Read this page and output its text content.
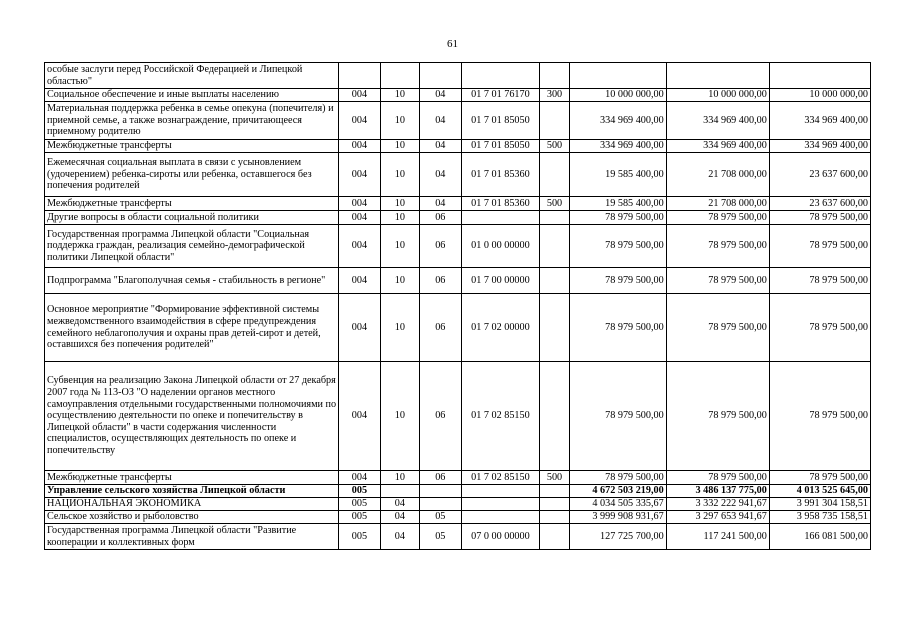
61
особые заслуги перед Российской Федерацией и Липецкой областью"								
Социальное обеспечение и иные выплаты населению	004	10	04	01 7 01 76170	300	10 000 000,00	10 000 000,00	10 000 000,00
Материальная поддержка ребенка в семье опекуна (попечителя) и приемной семье, а также вознаграждение, причитающееся приемному родителю	004	10	04	01 7 01 85050		334 969 400,00	334 969 400,00	334 969 400,00
Межбюджетные трансферты	004	10	04	01 7 01 85050	500	334 969 400,00	334 969 400,00	334 969 400,00
Ежемесячная социальная выплата в связи с усыновлением (удочерением) ребенка-сироты или ребенка, оставшегося без попечения родителей	004	10	04	01 7 01 85360		19 585 400,00	21 708 000,00	23 637 600,00
Межбюджетные трансферты	004	10	04	01 7 01 85360	500	19 585 400,00	21 708 000,00	23 637 600,00
Другие вопросы в области социальной политики	004	10	06			78 979 500,00	78 979 500,00	78 979 500,00
Государственная программа Липецкой области "Социальная поддержка граждан, реализация семейно-демографической политики Липецкой области"	004	10	06	01 0 00 00000		78 979 500,00	78 979 500,00	78 979 500,00
Подпрограмма "Благополучная семья - стабильность в регионе"	004	10	06	01 7 00 00000		78 979 500,00	78 979 500,00	78 979 500,00
Основное мероприятие "Формирование эффективной системы межведомственного взаимодействия в сфере предупреждения семейного неблагополучия и охраны прав детей-сирот и детей, оставшихся без попечения родителей"	004	10	06	01 7 02 00000		78 979 500,00	78 979 500,00	78 979 500,00
Субвенция на реализацию Закона Липецкой области от 27 декабря 2007 года № 113-ОЗ "О наделении органов местного самоуправления отдельными государственными полномочиями по осуществлению деятельности по опеке и попечительству в Липецкой области" в части содержания численности специалистов, осуществляющих деятельность по опеке и попечительству	004	10	06	01 7 02 85150		78 979 500,00	78 979 500,00	78 979 500,00
Межбюджетные трансферты	004	10	06	01 7 02 85150	500	78 979 500,00	78 979 500,00	78 979 500,00
Управление сельского хозяйства Липецкой области	005					4 672 503 219,00	3 486 137 775,00	4 013 525 645,00
НАЦИОНАЛЬНАЯ ЭКОНОМИКА	005	04				4 034 505 335,67	3 332 222 941,67	3 991 304 158,51
Сельское хозяйство и рыболовство	005	04	05			3 999 908 931,67	3 297 653 941,67	3 958 735 158,51
Государственная программа Липецкой области "Развитие кооперации и коллективных форм	005	04	05	07 0 00 00000		127 725 700,00	117 241 500,00	166 081 500,00
